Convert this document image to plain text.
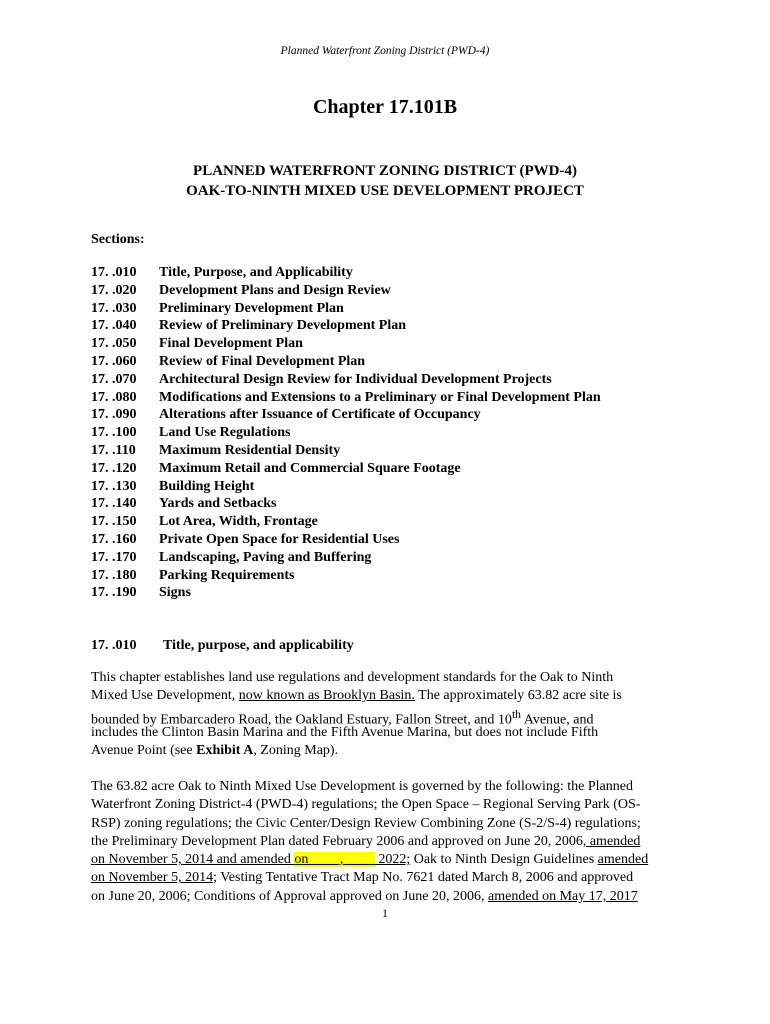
Planned Waterfront Zoning District (PWD-4)
Chapter 17.101B
PLANNED WATERFRONT ZONING DISTRICT (PWD-4)
OAK-TO-NINTH MIXED USE DEVELOPMENT PROJECT
Sections:
17. .010	Title, Purpose, and Applicability
17. .020	Development Plans and Design Review
17. .030	Preliminary Development Plan
17. .040	Review of Preliminary Development Plan
17. .050	Final Development Plan
17. .060	Review of Final Development Plan
17. .070	Architectural Design Review for Individual Development Projects
17. .080	Modifications and Extensions to a Preliminary or Final Development Plan
17. .090	Alterations after Issuance of Certificate of Occupancy
17. .100	Land Use Regulations
17. .110	Maximum Residential Density
17. .120	Maximum Retail and Commercial Square Footage
17. .130	Building Height
17. .140	Yards and Setbacks
17. .150	Lot Area, Width, Frontage
17. .160	Private Open Space for Residential Uses
17. .170	Landscaping, Paving and Buffering
17. .180	Parking Requirements
17. .190	Signs
17. .010	Title, purpose, and applicability
This chapter establishes land use regulations and development standards for the Oak to Ninth
Mixed Use Development, now known as Brooklyn Basin. The approximately 63.82 acre site is
bounded by Embarcadero Road, the Oakland Estuary, Fallon Street, and 10th Avenue, and
includes the Clinton Basin Marina and the Fifth Avenue Marina, but does not include Fifth
Avenue Point (see Exhibit A, Zoning Map).
The 63.82 acre Oak to Ninth Mixed Use Development is governed by the following: the Planned
Waterfront Zoning District-4 (PWD-4) regulations; the Open Space – Regional Serving Park (OS-
RSP) zoning regulations; the Civic Center/Design Review Combining Zone (S-2/S-4) regulations;
the Preliminary Development Plan dated February 2006 and approved on June 20, 2006, amended
on November 5, 2014 and amended on ____, ____ 2022; Oak to Ninth Design Guidelines amended
on November 5, 2014; Vesting Tentative Tract Map No. 7621 dated March 8, 2006 and approved
on June 20, 2006; Conditions of Approval approved on June 20, 2006, amended on May 17, 2017
1
